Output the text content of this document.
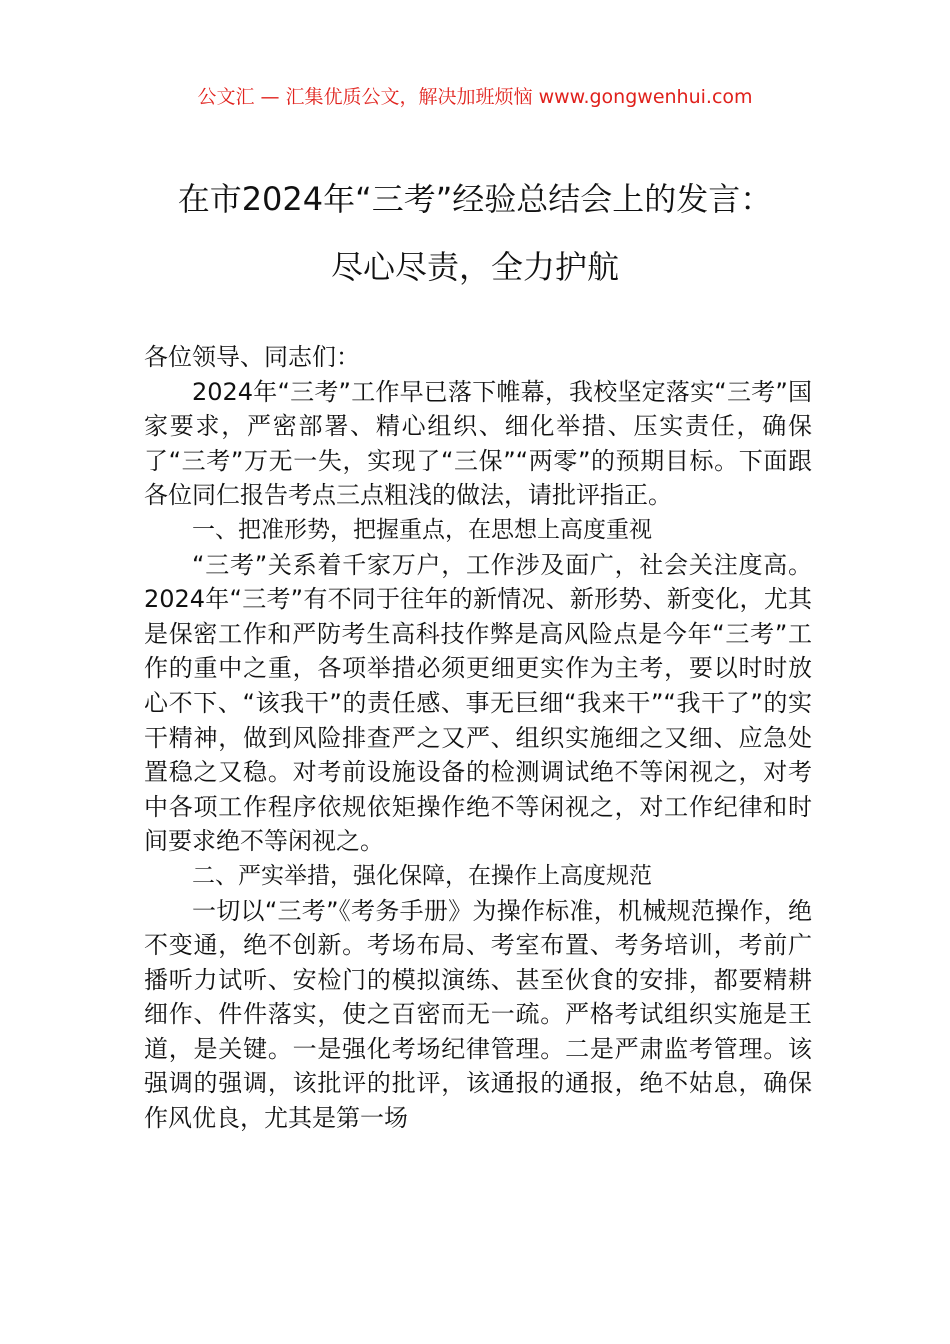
公文汇 — 汇集优质公文，解决加班烦恼 www.gongwenhui.com
在市2024年“三考”经验总结会上的发言：
尽心尽责，全力护航

各位领导、同志们：

2024年“三考”工作早已落下帷幕，我校坚定落实“三考”国家要求，严密部署、精心组织、细化举措、压实责任，确保了“三考”万无一失，实现了“三保”“两零”的预期目标。下面跟各位同仁报告考点三点粗浅的做法，请批评指正。

一、把准形势，把握重点，在思想上高度重视

“三考”关系着千家万户，工作涉及面广，社会关注度高。2024年“三考”有不同于往年的新情况、新形势、新变化，尤其是保密工作和严防考生高科技作弊是高风险点是今年“三考”工作的重中之重，各项举措必须更细更实作为主考，要以时时放心不下、“该我干”的责任感、事无巨细“我来干”“我干了”的实干精神，做到风险排查严之又严、组织实施细之又细、应急处置稳之又稳。对考前设施设备的检测调试绝不等闲视之，对考中各项工作程序依规依矩操作绝不等闲视之，对工作纪律和时间要求绝不等闲视之。

二、严实举措，强化保障，在操作上高度规范

一切以“三考”《考务手册》为操作标准，机械规范操作，绝不变通，绝不创新。考场布局、考室布置、考务培训，考前广播听力试听、安检门的模拟演练、甚至伙食的安排，都要精耕细作、件件落实，使之百密而无一疏。严格考试组织实施是王道，是关键。一是强化考场纪律管理。二是严肃监考管理。该强调的强调，该批评的批评，该通报的通报，绝不姑息，确保作风优良，尤其是第一场
